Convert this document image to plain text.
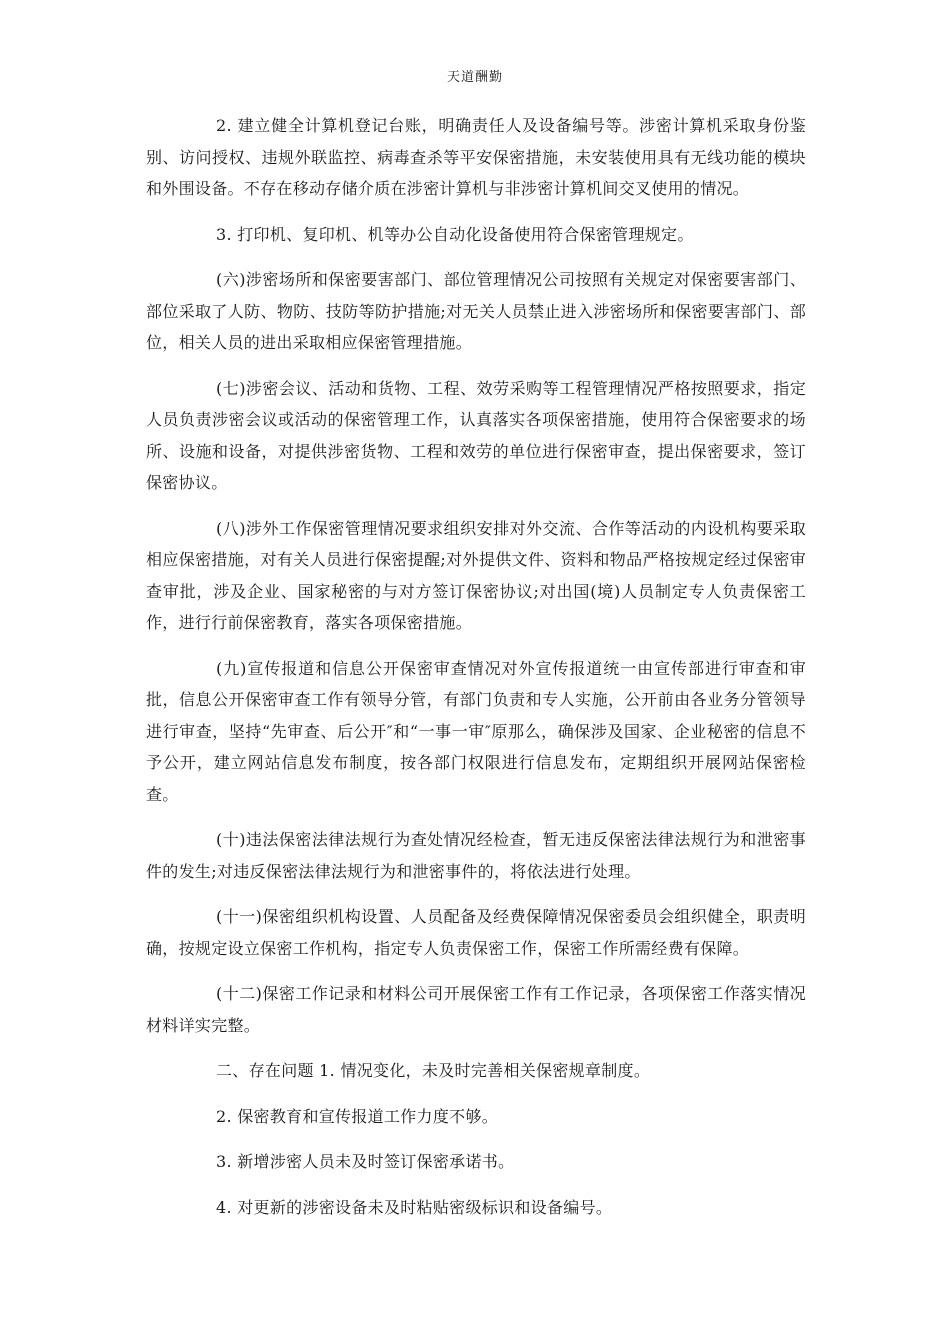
天道酬勤

2. 建立健全计算机登记台账，明确责任人及设备编号等。涉密计算机采取身份鉴别、访问授权、违规外联监控、病毒查杀等平安保密措施，未安装使用具有无线功能的模块和外围设备。不存在移动存储介质在涉密计算机与非涉密计算机间交叉使用的情况。

3. 打印机、复印机、机等办公自动化设备使用符合保密管理规定。

(六)涉密场所和保密要害部门、部位管理情况公司按照有关规定对保密要害部门、部位采取了人防、物防、技防等防护措施;对无关人员禁止进入涉密场所和保密要害部门、部位，相关人员的进出采取相应保密管理措施。

(七)涉密会议、活动和货物、工程、效劳采购等工程管理情况严格按照要求，指定人员负责涉密会议或活动的保密管理工作，认真落实各项保密措施，使用符合保密要求的场所、设施和设备，对提供涉密货物、工程和效劳的单位进行保密审查，提出保密要求，签订保密协议。

(八)涉外工作保密管理情况要求组织安排对外交流、合作等活动的内设机构要采取相应保密措施，对有关人员进行保密提醒;对外提供文件、资料和物品严格按规定经过保密审查审批，涉及企业、国家秘密的与对方签订保密协议;对出国(境)人员制定专人负责保密工作，进行行前保密教育，落实各项保密措施。

(九)宣传报道和信息公开保密审查情况对外宣传报道统一由宣传部进行审查和审批，信息公开保密审查工作有领导分管，有部门负责和专人实施，公开前由各业务分管领导进行审查，坚持“先审查、后公开″和“一事一审″原那么，确保涉及国家、企业秘密的信息不予公开，建立网站信息发布制度，按各部门权限进行信息发布，定期组织开展网站保密检查。

(十)违法保密法律法规行为查处情况经检查，暂无违反保密法律法规行为和泄密事件的发生;对违反保密法律法规行为和泄密事件的，将依法进行处理。

(十一)保密组织机构设置、人员配备及经费保障情况保密委员会组织健全，职责明确，按规定设立保密工作机构，指定专人负责保密工作，保密工作所需经费有保障。

(十二)保密工作记录和材料公司开展保密工作有工作记录，各项保密工作落实情况材料详实完整。

二、存在问题 1. 情况变化，未及时完善相关保密规章制度。

2. 保密教育和宣传报道工作力度不够。

3. 新增涉密人员未及时签订保密承诺书。

4. 对更新的涉密设备未及时粘贴密级标识和设备编号。
